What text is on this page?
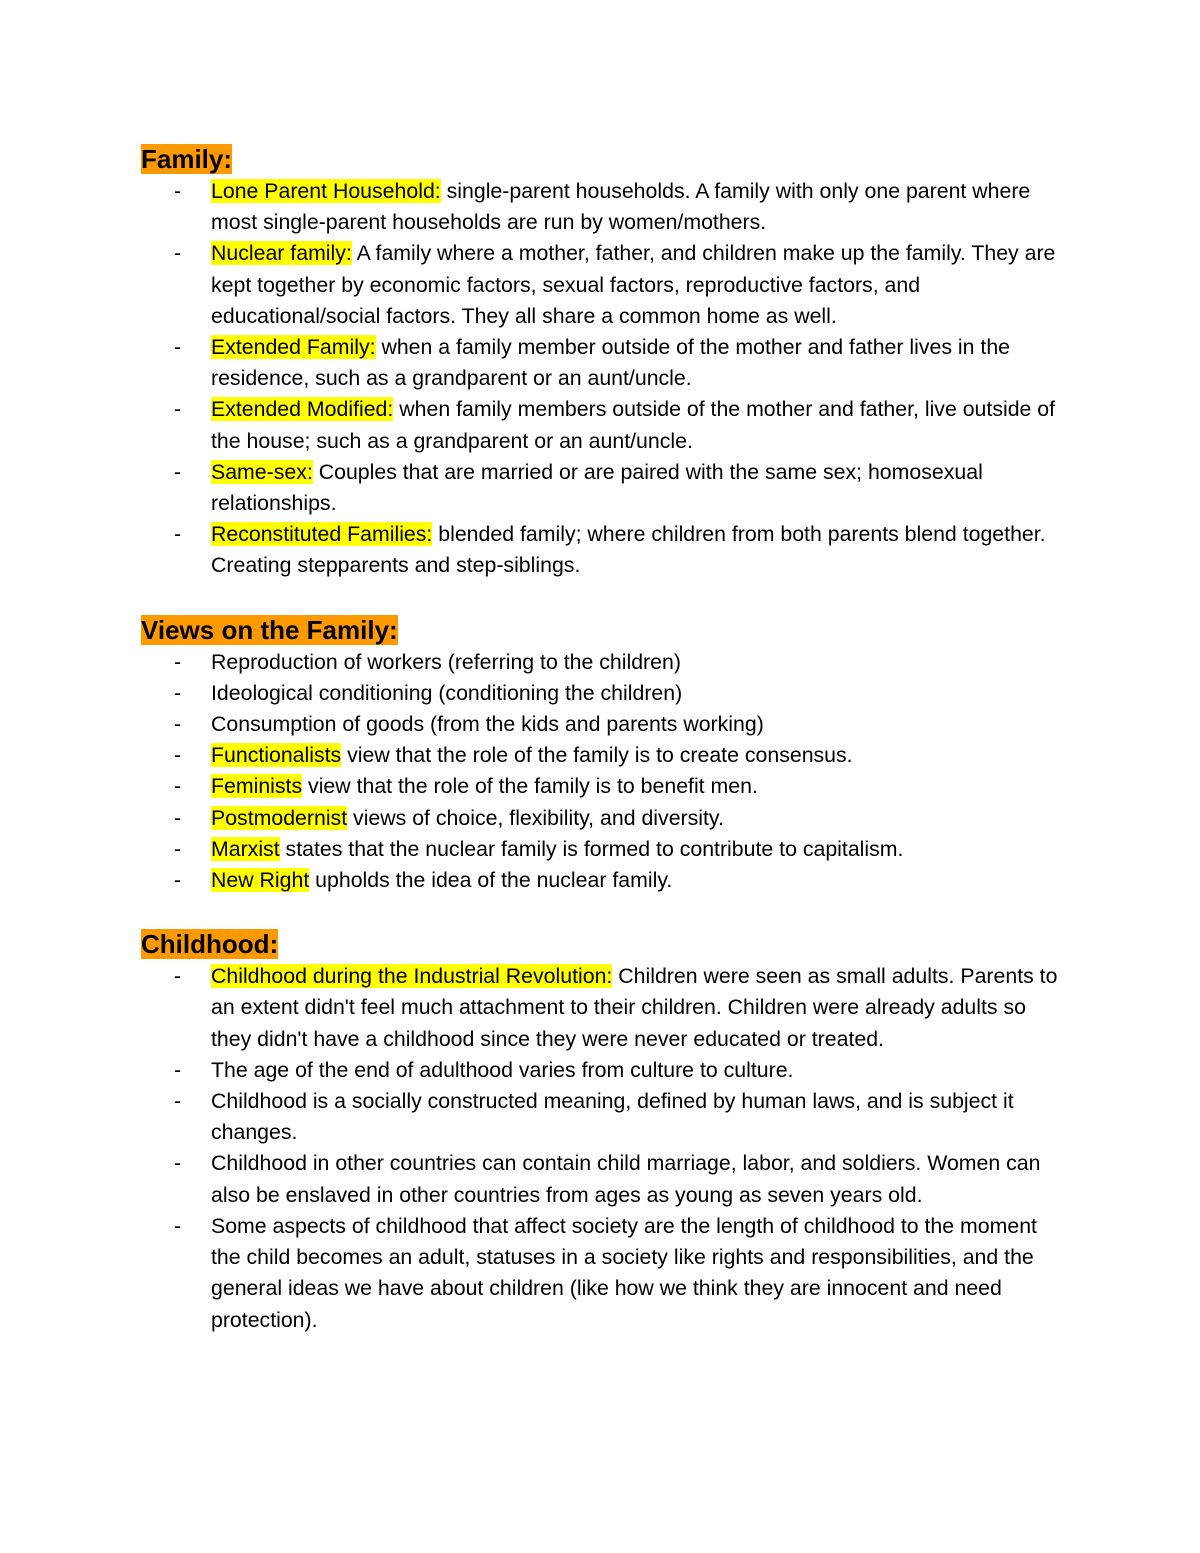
Family:
- Lone Parent Household: single-parent households. A family with only one parent where most single-parent households are run by women/mothers.
- Nuclear family: A family where a mother, father, and children make up the family. They are kept together by economic factors, sexual factors, reproductive factors, and educational/social factors. They all share a common home as well.
- Extended Family: when a family member outside of the mother and father lives in the residence, such as a grandparent or an aunt/uncle.
- Extended Modified: when family members outside of the mother and father, live outside of the house; such as a grandparent or an aunt/uncle.
- Same-sex: Couples that are married or are paired with the same sex; homosexual relationships.
- Reconstituted Families: blended family; where children from both parents blend together. Creating stepparents and step-siblings.
Views on the Family:
- Reproduction of workers (referring to the children)
- Ideological conditioning (conditioning the children)
- Consumption of goods (from the kids and parents working)
- Functionalists view that the role of the family is to create consensus.
- Feminists view that the role of the family is to benefit men.
- Postmodernist views of choice, flexibility, and diversity.
- Marxist states that the nuclear family is formed to contribute to capitalism.
- New Right upholds the idea of the nuclear family.
Childhood:
- Childhood during the Industrial Revolution: Children were seen as small adults. Parents to an extent didn't feel much attachment to their children. Children were already adults so they didn't have a childhood since they were never educated or treated.
- The age of the end of adulthood varies from culture to culture.
- Childhood is a socially constructed meaning, defined by human laws, and is subject it changes.
- Childhood in other countries can contain child marriage, labor, and soldiers. Women can also be enslaved in other countries from ages as young as seven years old.
- Some aspects of childhood that affect society are the length of childhood to the moment the child becomes an adult, statuses in a society like rights and responsibilities, and the general ideas we have about children (like how we think they are innocent and need protection).
